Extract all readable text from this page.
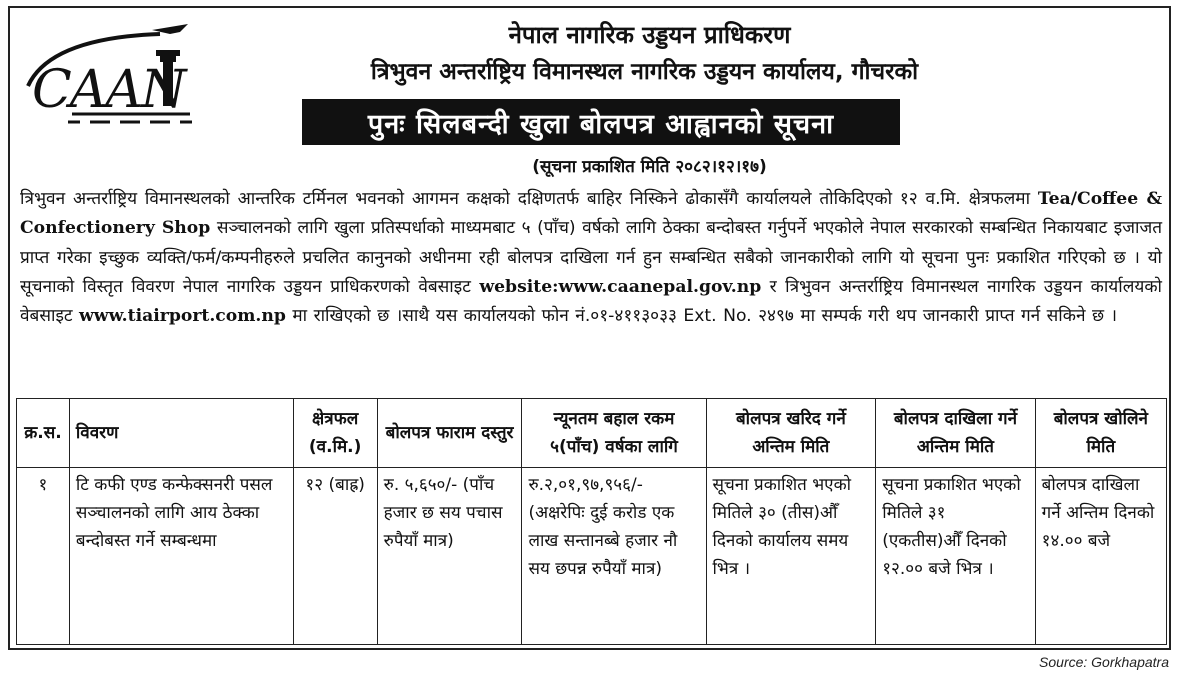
CAAN
नेपाल नागरिक उड्डयन प्राधिकरण
त्रिभुवन अन्तर्राष्ट्रिय विमानस्थल नागरिक उड्डयन कार्यालय, गौचरको
पुनः सिलबन्दी खुला बोलपत्र आह्वानको सूचना
(सूचना प्रकाशित मिति २०८२।१२।१७)
त्रिभुवन अन्तर्राष्ट्रिय विमानस्थलको आन्तरिक टर्मिनल भवनको आगमन कक्षको दक्षिणतर्फ बाहिर निस्किने ढोकासँगै कार्यालयले तोकिदिएको १२ व.मि. क्षेत्रफलमा Tea/Coffee & Confectionery Shop सञ्चालनको लागि खुला प्रतिस्पर्धाको माध्यमबाट ५ (पाँच) वर्षको लागि ठेक्का बन्दोबस्त गर्नुपर्ने भएकोले नेपाल सरकारको सम्बन्धित निकायबाट इजाजत प्राप्त गरेका इच्छुक व्यक्ति/फर्म/कम्पनीहरुले प्रचलित कानुनको अधीनमा रही बोलपत्र दाखिला गर्न हुन सम्बन्धित सबैको जानकारीको लागि यो सूचना पुनः प्रकाशित गरिएको छ । यो सूचनाको विस्तृत विवरण नेपाल नागरिक उड्डयन प्राधिकरणको वेबसाइट website:www.caanepal.gov.np र त्रिभुवन अन्तर्राष्ट्रिय विमानस्थल नागरिक उड्डयन कार्यालयको वेबसाइट www.tiairport.com.np मा राखिएको छ ।साथै यस कार्यालयको फोन नं.०१-४११३०३३ Ext. No. २४९७ मा सम्पर्क गरी थप जानकारी प्राप्त गर्न सकिने छ ।
क्र.स.	विवरण	क्षेत्रफल (व.मि.)	बोलपत्र फाराम दस्तुर	न्यूनतम बहाल रकम ५(पाँच) वर्षका लागि	बोलपत्र खरिद गर्ने अन्तिम मिति	बोलपत्र दाखिला गर्ने अन्तिम मिति	बोलपत्र खोलिने मिति
१	टि कफी एण्ड कन्फेक्सनरी पसल सञ्चालनको लागि आय ठेक्का बन्दोबस्त गर्ने सम्बन्धमा	१२ (बाह्र)	रु. ५,६५०/- (पाँच हजार छ सय पचास रुपैयाँ मात्र)	रु.२,०१,९७,९५६/- (अक्षरेपिः दुई करोड एक लाख सन्तानब्बे हजार नौ सय छपन्न रुपैयाँ मात्र)	सूचना प्रकाशित भएको मितिले ३० (तीस)औँ दिनको कार्यालय समय भित्र ।	सूचना प्रकाशित भएको मितिले ३१ (एकतीस)औँ दिनको १२.०० बजे भित्र ।	बोलपत्र दाखिला गर्ने अन्तिम दिनको १४.०० बजे
Source: Gorkhapatra
